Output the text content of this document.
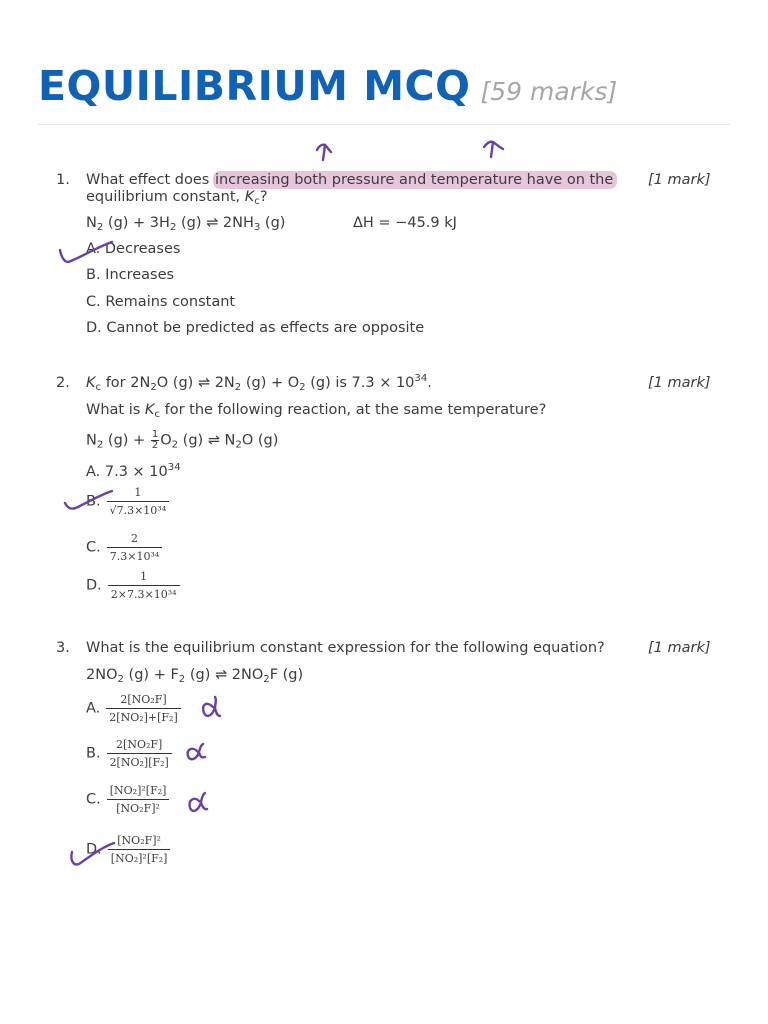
EQUILIBRIUM MCQ [59 marks]
1. What effect does increasing both pressure and temperature have on the [1 mark]
equilibrium constant, $K_c$?
$N_2$ $(g) + 3H_2$ (g) ⇌ $2NH_3$ (g)	ΔH = −45.9 kJ
A. Decreases
B. Increases
C. Remains constant
D. Cannot be predicted as effects are opposite
2. $K_c$ for $2N_2O$ (g) ⇌ $2N_2$ $(g) + O_2$ (g) is $7.3 \times 10^{34}$.	[1 mark]
What is $K_c$ for the following reaction, at the same temperature?
$N_2$ $(g) + \frac{1}{2} O_2$ (g) ⇌ $N_2O$ (g)
A. $7.3 \times 10^{34}$
B. $\frac{1}{\text{√7.3×10³⁴}}$
C. $\frac{2}{\text{7.3×10³⁴}}$
D. $\frac{1}{\text{2×7.3×10³⁴}}$
3. What is the equilibrium constant expression for the following equation?	[1 mark]
$2NO_2$ $(g) + F_2$ (g) ⇌ $2NO_2F$ (g)
A. $\frac{\text{2[NO₂F]}}{\text{2[NO₂]+[F₂]}}$
B. $\frac{\text{2[NO₂F]}}{\text{2[NO₂][F₂]}}$
C. $\frac{\text{[NO₂]²[F₂]}}{\text{[NO₂F]²}}$
D. $\frac{\text{[NO₂F]²}}{\text{[NO₂]²[F₂]}}$
